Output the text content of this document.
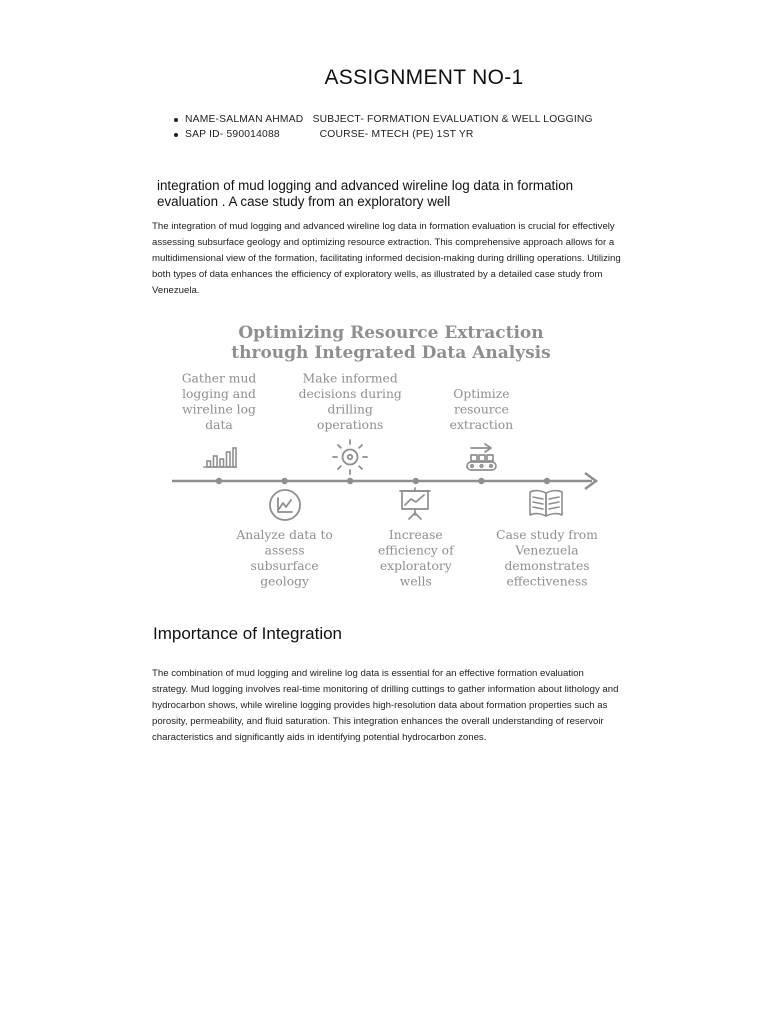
ASSIGNMENT NO-1
NAME-SALMAN AHMAD   SUBJECT- FORMATION EVALUATION & WELL LOGGING
SAP ID- 590014088             COURSE- MTECH (PE) 1ST YR
integration of mud logging and advanced wireline log data in formation evaluation . A case study from an exploratory well
The integration of mud logging and advanced wireline log data in formation evaluation is crucial for effectively assessing subsurface geology and optimizing resource extraction. This comprehensive approach allows for a multidimensional view of the formation, facilitating informed decision-making during drilling operations. Utilizing both types of data enhances the efficiency of exploratory wells, as illustrated by a detailed case study from Venezuela.
Optimizing Resource Extraction
through Integrated Data Analysis
Gather mud
logging and
wireline log
data
Analyze data to
assess
subsurface
geology
Make informed
decisions during
drilling
operations
Increase
efficiency of
exploratory
wells
Optimize
resource
extraction
Case study from
Venezuela
demonstrates
effectiveness
Importance of Integration
The combination of mud logging and wireline log data is essential for an effective formation evaluation strategy. Mud logging involves real-time monitoring of drilling cuttings to gather information about lithology and hydrocarbon shows, while wireline logging provides high-resolution data about formation properties such as porosity, permeability, and fluid saturation. This integration enhances the overall understanding of reservoir characteristics and significantly aids in identifying potential hydrocarbon zones.
